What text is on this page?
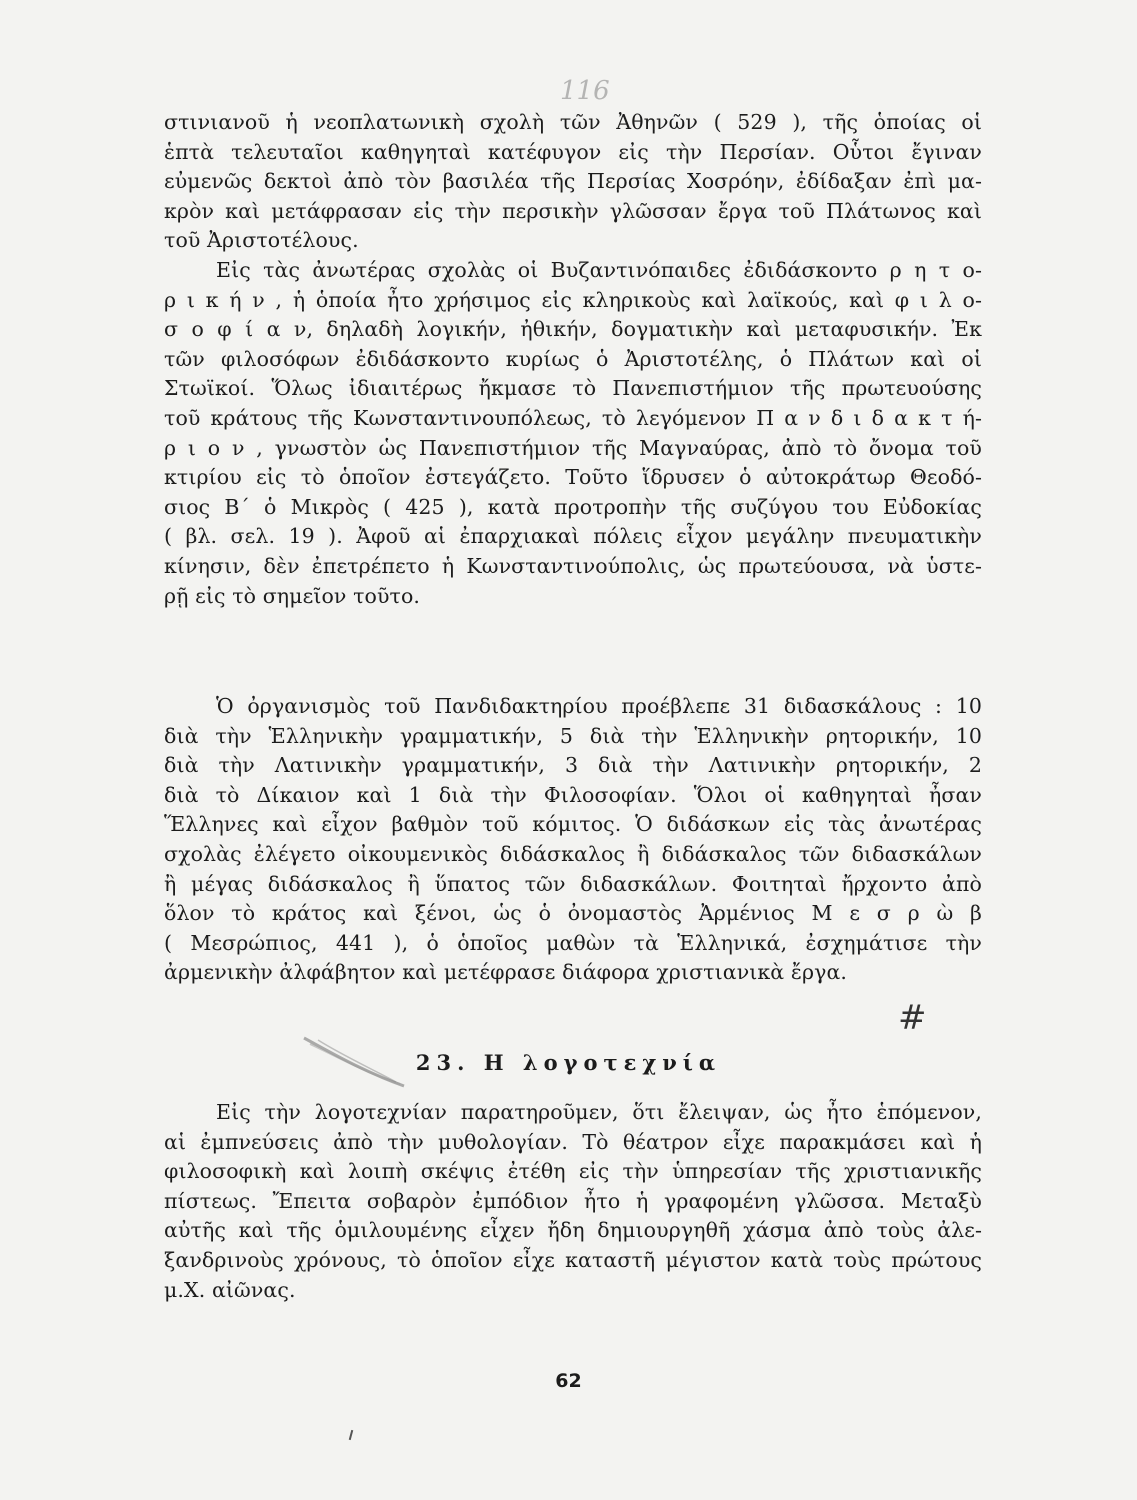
116

στινιανοῦ ἡ νεοπλατωνικὴ σχολὴ τῶν Ἀθηνῶν ( 529 ), τῆς ὁποίας οἱ
ἑπτὰ τελευταῖοι καθηγηταὶ κατέφυγον εἰς τὴν Περσίαν. Οὗτοι ἔγιναν
εὐμενῶς δεκτοὶ ἀπὸ τὸν βασιλέα τῆς Περσίας Χοσρόην, ἐδίδαξαν ἐπὶ μα-
κρὸν καὶ μετάφρασαν εἰς τὴν περσικὴν γλῶσσαν ἔργα τοῦ Πλάτωνος καὶ
τοῦ Ἀριστοτέλους.

Εἰς τὰς ἀνωτέρας σχολὰς οἱ Βυζαντινόπαιδες ἐδιδάσκοντο ρ η τ ο-
ρ ι κ ή ν , ἡ ὁποία ἦτο χρήσιμος εἰς κληρικοὺς καὶ λαϊκούς, καὶ φ ι λ ο-
σ ο φ ί α ν, δηλαδὴ λογικήν, ἠθικήν, δογματικὴν καὶ μεταφυσικήν. Ἐκ
τῶν φιλοσόφων ἐδιδάσκοντο κυρίως ὁ Ἀριστοτέλης, ὁ Πλάτων καὶ οἱ
Στωϊκοί. Ὅλως ἰδιαιτέρως ἤκμασε τὸ Πανεπιστήμιον τῆς πρωτευούσης
τοῦ κράτους τῆς Κωνσταντινουπόλεως, τὸ λεγόμενον Π α ν δ ι δ α κ τ ή-
ρ ι ο ν , γνωστὸν ὡς Πανεπιστήμιον τῆς Μαγναύρας, ἀπὸ τὸ ὄνομα τοῦ
κτιρίου εἰς τὸ ὁποῖον ἐστεγάζετο. Τοῦτο ἵδρυσεν ὁ αὐτοκράτωρ Θεοδό-
σιος Β΄ ὁ Μικρὸς ( 425 ), κατὰ προτροπὴν τῆς συζύγου του Εὐδοκίας
( βλ. σελ. 19 ). Ἀφοῦ αἱ ἐπαρχιακαὶ πόλεις εἶχον μεγάλην πνευματικὴν
κίνησιν, δὲν ἐπετρέπετο ἡ Κωνσταντινούπολις, ὡς πρωτεύουσα, νὰ ὑστε-
ρῇ εἰς τὸ σημεῖον τοῦτο.

Ὁ ὀργανισμὸς τοῦ Πανδιδακτηρίου προέβλεπε 31 διδασκάλους : 10
διὰ τὴν Ἑλληνικὴν γραμματικήν, 5 διὰ τὴν Ἑλληνικὴν ρητορικήν, 10
διὰ τὴν Λατινικὴν γραμματικήν, 3 διὰ τὴν Λατινικὴν ρητορικήν, 2
διὰ τὸ Δίκαιον καὶ 1 διὰ τὴν Φιλοσοφίαν. Ὅλοι οἱ καθηγηταὶ ἦσαν
Ἕλληνες καὶ εἶχον βαθμὸν τοῦ κόμιτος. Ὁ διδάσκων εἰς τὰς ἀνωτέρας
σχολὰς ἐλέγετο οἰκουμενικὸς διδάσκαλος ἢ διδάσκαλος τῶν διδασκάλων
ἢ μέγας διδάσκαλος ἢ ὕπατος τῶν διδασκάλων. Φοιτηταὶ ἤρχοντο ἀπὸ
ὅλον τὸ κράτος καὶ ξένοι, ὡς ὁ ὀνομαστὸς Ἀρμένιος Μ ε σ ρ ὼ β
( Μεσρώπιος, 441 ), ὁ ὁποῖος μαθὼν τὰ Ἑλληνικά, ἐσχημάτισε τὴν
ἀρμενικὴν ἀλφάβητον καὶ μετέφρασε διάφορα χριστιανικὰ ἔργα.

#
23. Η λογοτεχνία

Εἰς τὴν λογοτεχνίαν παρατηροῦμεν, ὅτι ἔλειψαν, ὡς ἦτο ἑπόμενον,
αἱ ἐμπνεύσεις ἀπὸ τὴν μυθολογίαν. Τὸ θέατρον εἶχε παρακμάσει καὶ ἡ
φιλοσοφικὴ καὶ λοιπὴ σκέψις ἐτέθη εἰς τὴν ὑπηρεσίαν τῆς χριστιανικῆς
πίστεως. Ἔπειτα σοβαρὸν ἐμπόδιον ἦτο ἡ γραφομένη γλῶσσα. Μεταξὺ
αὐτῆς καὶ τῆς ὁμιλουμένης εἶχεν ἤδη δημιουργηθῆ χάσμα ἀπὸ τοὺς ἀλε-
ξανδρινοὺς χρόνους, τὸ ὁποῖον εἶχε καταστῆ μέγιστον κατὰ τοὺς πρώτους
μ.Χ. αἰῶνας.

62
